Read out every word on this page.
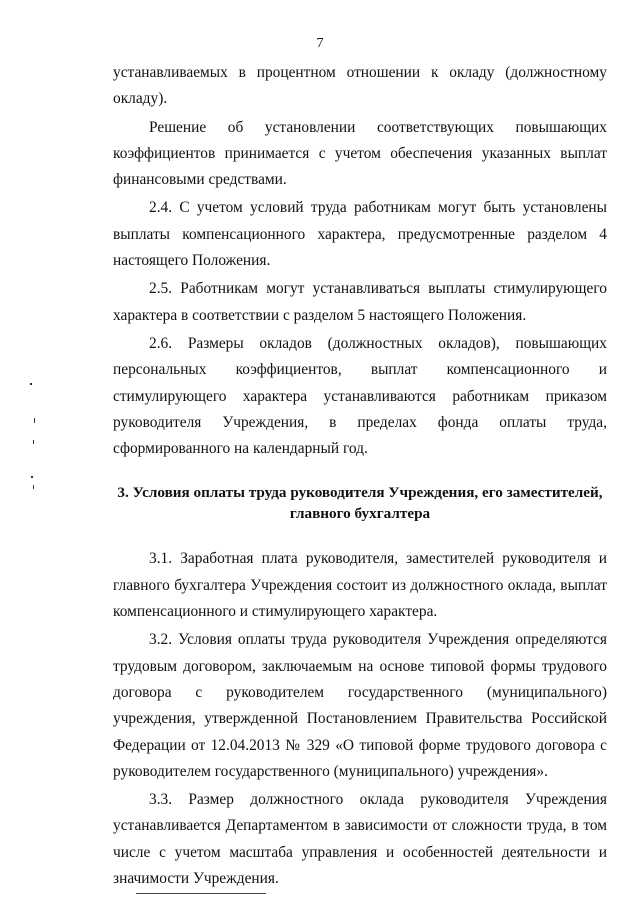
7

устанавливаемых в процентном отношении к окладу (должностному окладу).

Решение об установлении соответствующих повышающих коэффициентов принимается с учетом обеспечения указанных выплат финансовыми средствами.

2.4. С учетом условий труда работникам могут быть установлены выплаты компенсационного характера, предусмотренные разделом 4 настоящего Положения.

2.5. Работникам могут устанавливаться выплаты стимулирующего характера в соответствии с разделом 5 настоящего Положения.

2.6. Размеры окладов (должностных окладов), повышающих персональных коэффициентов, выплат компенсационного и стимулирующего характера устанавливаются работникам приказом руководителя Учреждения, в пределах фонда оплаты труда, сформированного на календарный год.

3. Условия оплаты труда руководителя Учреждения, его заместителей, главного бухгалтера

3.1. Заработная плата руководителя, заместителей руководителя и главного бухгалтера Учреждения состоит из должностного оклада, выплат компенсационного и стимулирующего характера.

3.2. Условия оплаты труда руководителя Учреждения определяются трудовым договором, заключаемым на основе типовой формы трудового договора с руководителем государственного (муниципального) учреждения, утвержденной Постановлением Правительства Российской Федерации от 12.04.2013 № 329 «О типовой форме трудового договора с руководителем государственного (муниципального) учреждения».

3.3. Размер должностного оклада руководителя Учреждения устанавливается Департаментом в зависимости от сложности труда, в том числе с учетом масштаба управления и особенностей деятельности и значимости Учреждения.
